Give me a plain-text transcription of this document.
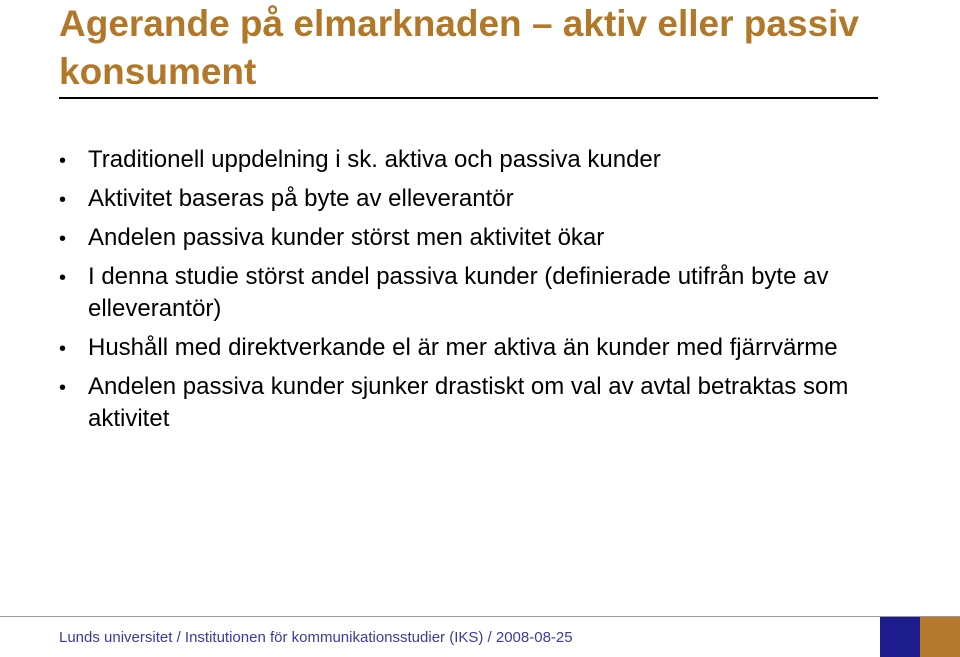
Agerande på elmarknaden – aktiv eller passiv konsument
•
Traditionell uppdelning i sk. aktiva och passiva kunder
•
Aktivitet baseras på byte av elleverantör
•
Andelen passiva kunder störst men aktivitet ökar
•
I denna studie störst andel passiva kunder (definierade utifrån byte av elleverantör)
•
Hushåll med direktverkande el är mer aktiva än kunder med fjärrvärme
•
Andelen passiva kunder sjunker drastiskt om val av avtal betraktas som aktivitet
Lunds universitet / Institutionen för kommunikationsstudier (IKS) / 2008-08-25
